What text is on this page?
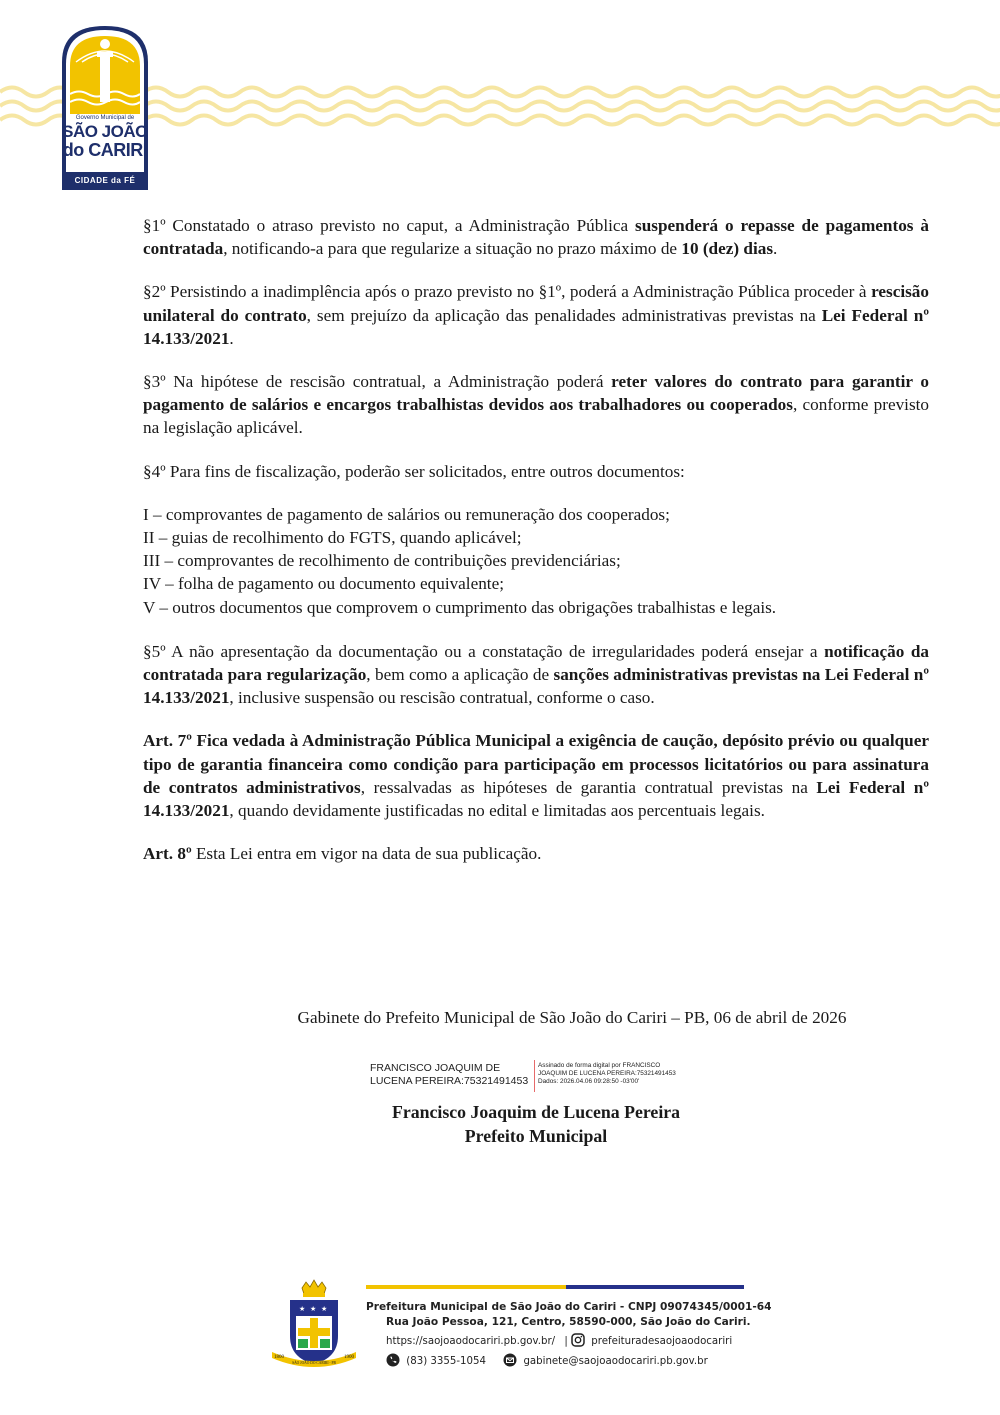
Governo Municipal de
SÃO JOÃO
do CARIRI
CIDADE da FÉ

§1º Constatado o atraso previsto no caput, a Administração Pública suspenderá o repasse de pagamentos à contratada, notificando-a para que regularize a situação no prazo máximo de 10 (dez) dias.

§2º Persistindo a inadimplência após o prazo previsto no §1º, poderá a Administração Pública proceder à rescisão unilateral do contrato, sem prejuízo da aplicação das penalidades administrativas previstas na Lei Federal nº 14.133/2021.

§3º Na hipótese de rescisão contratual, a Administração poderá reter valores do contrato para garantir o pagamento de salários e encargos trabalhistas devidos aos trabalhadores ou cooperados, conforme previsto na legislação aplicável.

§4º Para fins de fiscalização, poderão ser solicitados, entre outros documentos:

I – comprovantes de pagamento de salários ou remuneração dos cooperados;
II – guias de recolhimento do FGTS, quando aplicável;
III – comprovantes de recolhimento de contribuições previdenciárias;
IV – folha de pagamento ou documento equivalente;
V – outros documentos que comprovem o cumprimento das obrigações trabalhistas e legais.

§5º A não apresentação da documentação ou a constatação de irregularidades poderá ensejar a notificação da contratada para regularização, bem como a aplicação de sanções administrativas previstas na Lei Federal nº 14.133/2021, inclusive suspensão ou rescisão contratual, conforme o caso.

Art. 7º Fica vedada à Administração Pública Municipal a exigência de caução, depósito prévio ou qualquer tipo de garantia financeira como condição para participação em processos licitatórios ou para assinatura de contratos administrativos, ressalvadas as hipóteses de garantia contratual previstas na Lei Federal nº 14.133/2021, quando devidamente justificadas no edital e limitadas aos percentuais legais.

Art. 8º Esta Lei entra em vigor na data de sua publicação.

Gabinete do Prefeito Municipal de São João do Cariri – PB, 06 de abril de 2026
FRANCISCO JOAQUIM DE
LUCENA PEREIRA:75321491453
Assinado de forma digital por FRANCISCO
JOAQUIM DE LUCENA PEREIRA:75321491453
Dados: 2026.04.06 09:28:50 -03'00'
Francisco Joaquim de Lucena Pereira
Prefeito Municipal
★ ★ ★
1800	1900
SÃO JOÃO DO CARIRI - PB
Prefeitura Municipal de São João do Cariri - CNPJ 09074345/0001-64
Rua João Pessoa, 121, Centro, 58590-000, São João do Cariri.
https://saojoaodocariri.pb.gov.br/ | prefeituradesaojoaodocariri
(83) 3355-1054	gabinete@saojoaodocariri.pb.gov.br
